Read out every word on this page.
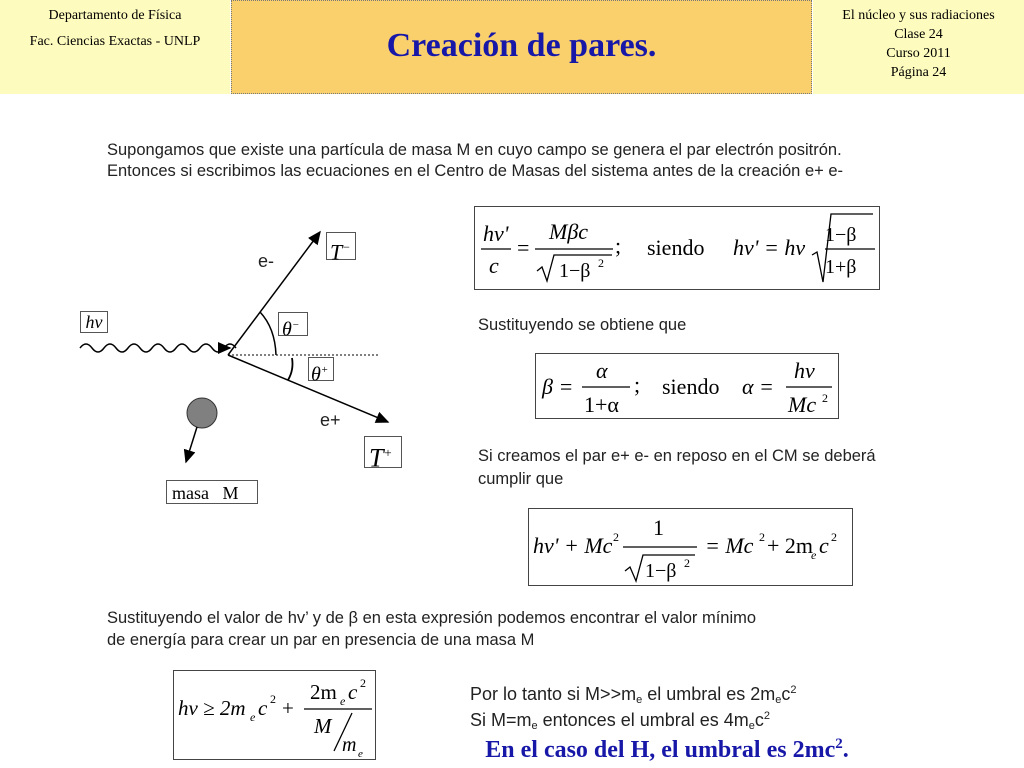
Departamento de Física
Fac. Ciencias Exactas - UNLP	Creación de pares.
El núcleo y sus radiaciones
Clase 24
Curso 2011
Página 24
Supongamos que existe una partícula de masa M en cuyo campo se genera el par electrón positrón.
Entonces si escribimos las ecuaciones en el Centro de Masas del sistema antes de la creación e+ e-
hv
e-
e+
T−
θ−
θ+
T+
masa   M
hv'
c
=
Mβc
1−β 2
; siendo hv' = hv 1−β
1+β
Sustituyendo se obtiene que
β =
α
1+α
; siendo α =
hv
Mc 2
Si creamos el par e+ e- en reposo en el CM se deberá
cumplir que
hv' + Mc 2 1
1−β 2
= Mc 2 + 2m
e c 2
Sustituyendo el valor de hv’ y de β en esta expresión podemos encontrar el valor mínimo
de energía para crear un par en presencia de una masa M
hv ≥ 2m e c 2 +
2m e c 2
M
m e
Por lo tanto si $M>>m_e$ el umbral es $2m_ec^2$
Si $M=m_e$ entonces el umbral es $4m_ec^2$
En el caso del H, el umbral es $2mc^2$.
